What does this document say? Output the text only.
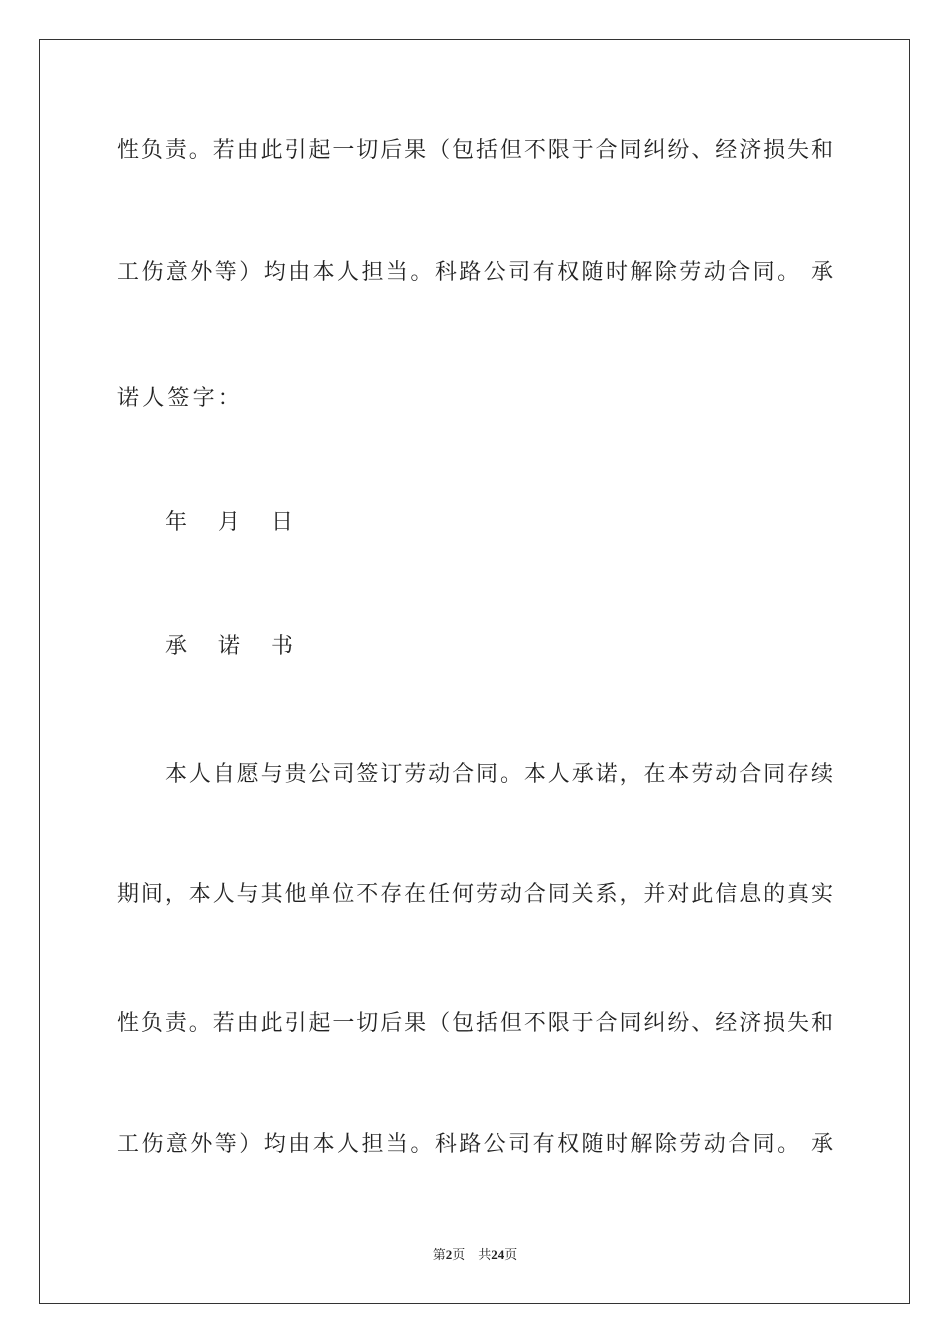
性负责。若由此引起一切后果（包括但不限于合同纠纷、经济损失和
工伤意外等）均由本人担当。科路公司有权随时解除劳动合同。 承
诺人签字：
年 月 日
承 诺 书
本人自愿与贵公司签订劳动合同。本人承诺，在本劳动合同存续
期间，本人与其他单位不存在任何劳动合同关系，并对此信息的真实
性负责。若由此引起一切后果（包括但不限于合同纠纷、经济损失和
工伤意外等）均由本人担当。科路公司有权随时解除劳动合同。 承
第2页 共24页
